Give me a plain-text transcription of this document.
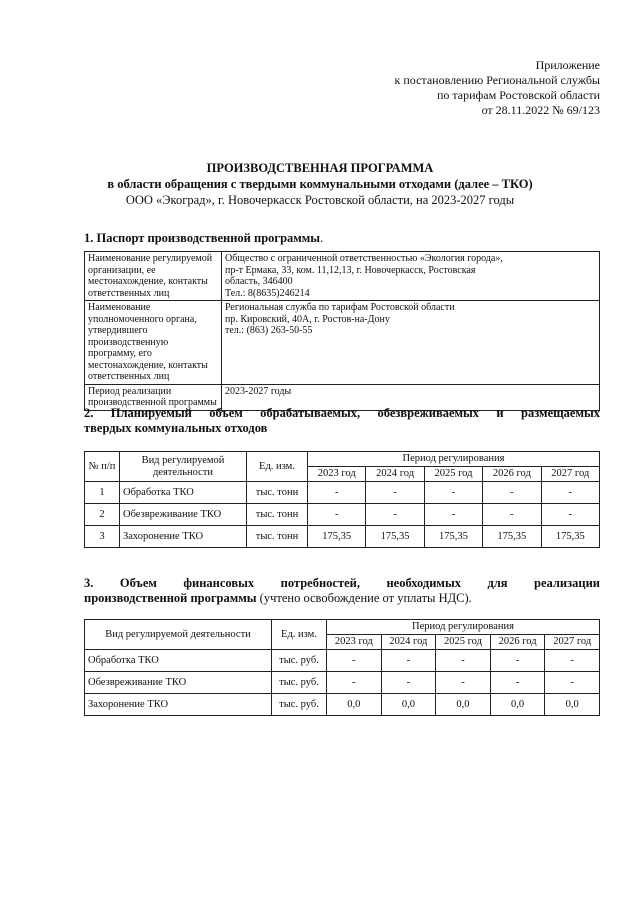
Приложение
к постановлению Региональной службы
по тарифам Ростовской области
от 28.11.2022 № 69/123
ПРОИЗВОДСТВЕННАЯ ПРОГРАММА
в области обращения с твердыми коммунальными отходами (далее – ТКО)
ООО «Экоград», г. Новочеркасск Ростовской области, на 2023-2027 годы
1. Паспорт производственной программы.
Наименование регулируемой организации, ее местонахождение, контакты ответственных лиц	Общество с ограниченной ответственностью «Экология города»,
пр-т Ермака, 33, ком. 11,12,13, г. Новочеркасск, Ростовская
область, 346400
Тел.: 8(8635)246214

Наименование уполномоченного органа, утвердившего производственную программу, его местонахождение, контакты ответственных лиц	Региональная служба по тарифам Ростовской области
пр. Кировский, 40А, г. Ростов-на-Дону
тел.: (863) 263-50-55

Период реализации производственной программы	2023-2027 годы
2. Планируемый объем обрабатываемых, обезвреживаемых и размещаемых
твердых коммунальных отходов
№ п/п	Вид регулируемой деятельности	Ед. изм.	Период регулирования				
			2023 год	2024 год	2025 год	2026 год	2027 год
1	Обработка ТКО	тыс. тонн	-	-	-	-	-
2	Обезвреживание ТКО	тыс. тонн	-	-	-	-	-
3	Захоронение ТКО	тыс. тонн	175,35	175,35	175,35	175,35	175,35
3. Объем финансовых потребностей, необходимых для реализации
производственной программы (учтено освобождение от уплаты НДС).
Вид регулируемой деятельности	Ед. изм.	Период регулирования				
		2023 год	2024 год	2025 год	2026 год	2027 год
Обработка ТКО	тыс. руб.	-	-	-	-	-
Обезвреживание ТКО	тыс. руб.	-	-	-	-	-
Захоронение ТКО	тыс. руб.	0,0	0,0	0,0	0,0	0,0
